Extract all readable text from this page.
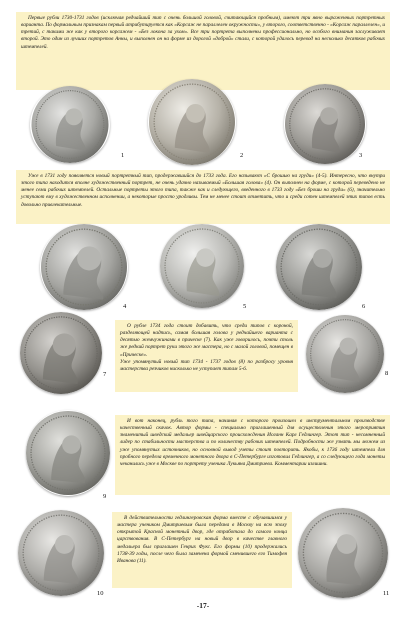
Первые рубли 1730-1731 годов (исключая редчайший тип с очень большой головой, считающийся пробным), имеют три явно выраженных портретных варианта. По формальным признакам первый атрибутируется как «Корсаж не параллелен окружности», у второго, соответственно - «Корсаж параллелен», и третий, с такими же как у второго корсажем - «Без локона за ухом». Все три портрета выполнены профессионально, но особого внимания заслуживает второй. Это один из лучших портретов Анны, и выполнен он на форме из дорогой «доброй» стали, с которой удалось перевод на несколько десятков рабочих штемпелей.

1	2	3

Уже в 1731 году появляется новый портретный тип, продержавшийся до 1733 года. Его называют «С брошью на груди» (4-5). Интересно, что внутри этого типа находится вполне художественный портрет, не очень удачно называемый «Большая голова» (4). Он выполнен на форме, с которой переведено не менее семи рабочих штемпелей. Остальные портреты этого типа, также как и следующего, введенного в 1733 году «Без броши на груди» (6), значительно уступают ему в художественном исполнении, а некоторые просто уродливы. Тем не менее стоит отметить, что и среди сотен штемпелей этих типов есть довольно привлекательные.

4	5	6
7

О рубле 1734 года стоит добавить, что среди типов с короной, разделяющей надпись, самая большая голова у редчайшего варианта с десятью жемчужинами в прическе (7). Как уже говорилось, почти столь же редкий портрет руки этого же мастера, но с малой головой, помещен в «Прическе».
Уже упомянутый новый тип 1734 - 1737 годов (8) по разбросу уровня мастерства резчиков нисколько не уступает типам 5-6.

8
9

И вот наконец, рубль того типа, начиная с которого произошел в инструментальном производстве качественный скачок. Автор формы - специально приглашенный для осуществления этого мероприятия знаменитый шведский медальер швейцарского происхождения Иоганн Карл Гедлингер. Этот тип - несомненный лидер по стабильности мастерства и по количеству рабочих штемпелей. Подробности же узнать мы можем из уже упомянутых источников, но основной вывод учеты стоит повторить. Якобы, к 1736 году штемпели для пробного передела временного монетного двора в С-Петербурге изготовил Гедлингер, а со следующего года монеты чеканились уже в Москве по портрету ученика Лукьяна Дмитриева. Комментарии излишни.

10

В действительности гедлингеровская форма вместе с обучавшимся у мастера учеником Дмитриевым была передана в Москву на всю эпоху открытой Красной монетный двор, где отработала до самого конца царствования. В С-Петербург на новый двор в качестве главного медальера был приглашен Генрих Фукс. Его формы (10) продержались 1738-39 годы, после чего была заменена формой сменившего его Тимофея Иванова (11).

11
-17-
